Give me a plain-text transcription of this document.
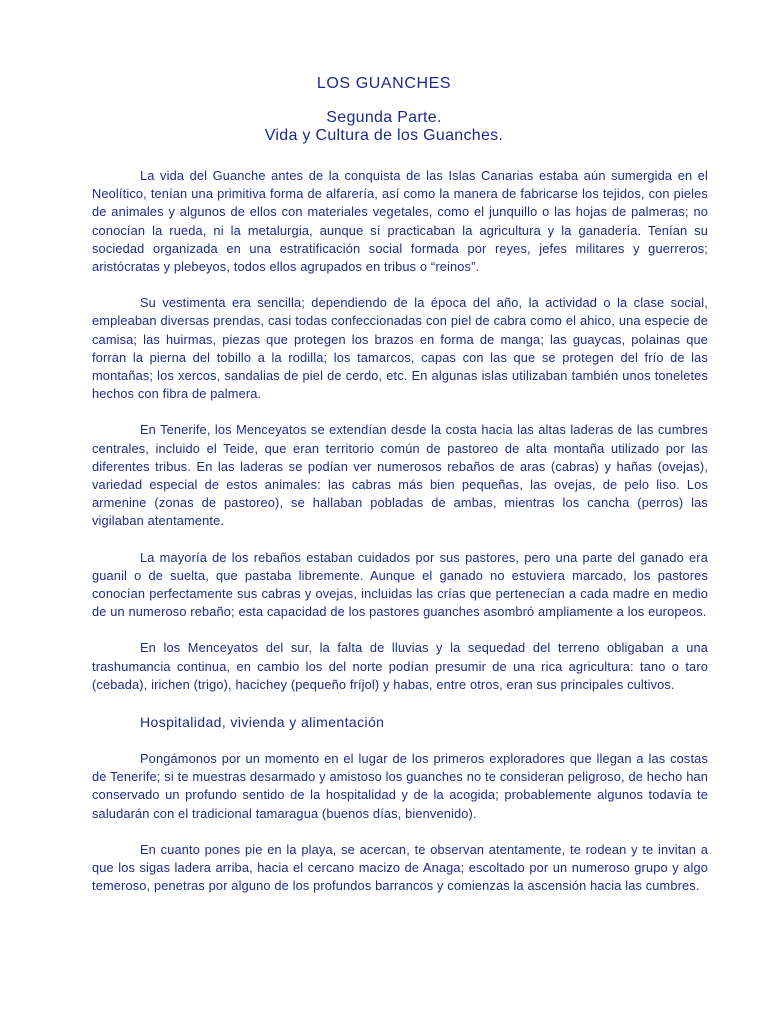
LOS GUANCHES
Segunda Parte.
Vida y Cultura de los Guanches.

La vida del Guanche antes de la conquista de las Islas Canarias estaba aún sumergida en el Neolítico, tenían una primitiva forma de alfarería, así como la manera de fabricarse los tejidos, con pieles de animales y algunos de ellos con materiales vegetales, como el junquillo o las hojas de palmeras; no conocían la rueda, ni la metalurgia, aunque sí practicaban la agricultura y la ganadería. Tenían su sociedad organizada en una estratificación social formada por reyes, jefes militares y guerreros; aristócratas y plebeyos, todos ellos agrupados en tribus o “reinos”.

Su vestimenta era sencilla; dependiendo de la época del año, la actividad o la clase social, empleaban diversas prendas, casi todas confeccionadas con piel de cabra como el ahico, una especie de camisa; las huirmas, piezas que protegen los brazos en forma de manga; las guaycas, polainas que forran la pierna del tobillo a la rodilla; los tamarcos, capas con las que se protegen del frío de las montañas; los xercos, sandalias de piel de cerdo, etc. En algunas islas utilizaban también unos toneletes hechos con fibra de palmera.

En Tenerife, los Menceyatos se extendían desde la costa hacia las altas laderas de las cumbres centrales, incluido el Teide, que eran territorio común de pastoreo de alta montaña utilizado por las diferentes tribus. En las laderas se podían ver numerosos rebaños de aras (cabras) y hañas (ovejas), variedad especial de estos animales: las cabras más bien pequeñas, las ovejas, de pelo liso. Los armenine (zonas de pastoreo), se hallaban pobladas de ambas, mientras los cancha (perros) las vigilaban atentamente.

La mayoría de los rebaños estaban cuidados por sus pastores, pero una parte del ganado era guanil o de suelta, que pastaba libremente. Aunque el ganado no estuviera marcado, los pastores conocían perfectamente sus cabras y ovejas, incluidas las crías que pertenecían a cada madre en medio de un numeroso rebaño; esta capacidad de los pastores guanches asombró ampliamente a los europeos.

En los Menceyatos del sur, la falta de lluvias y la sequedad del terreno obligaban a una trashumancia continua, en cambio los del norte podían presumir de una rica agricultura: tano o taro (cebada), irichen (trigo), hacichey (pequeño fríjol) y habas, entre otros, eran sus principales cultivos.

Hospitalidad, vivienda y alimentación

Pongámonos por un momento en el lugar de los primeros exploradores que llegan a las costas de Tenerife; si te muestras desarmado y amistoso los guanches no te consideran peligroso, de hecho han conservado un profundo sentido de la hospitalidad y de la acogida; probablemente algunos todavía te saludarán con el tradicional tamaragua (buenos días, bienvenido).

En cuanto pones pie en la playa, se acercan, te observan atentamente, te rodean y te invitan a que los sigas ladera arriba, hacia el cercano macizo de Anaga; escoltado por un numeroso grupo y algo temeroso, penetras por alguno de los profundos barrancos y comienzas la ascensión hacia las cumbres.
